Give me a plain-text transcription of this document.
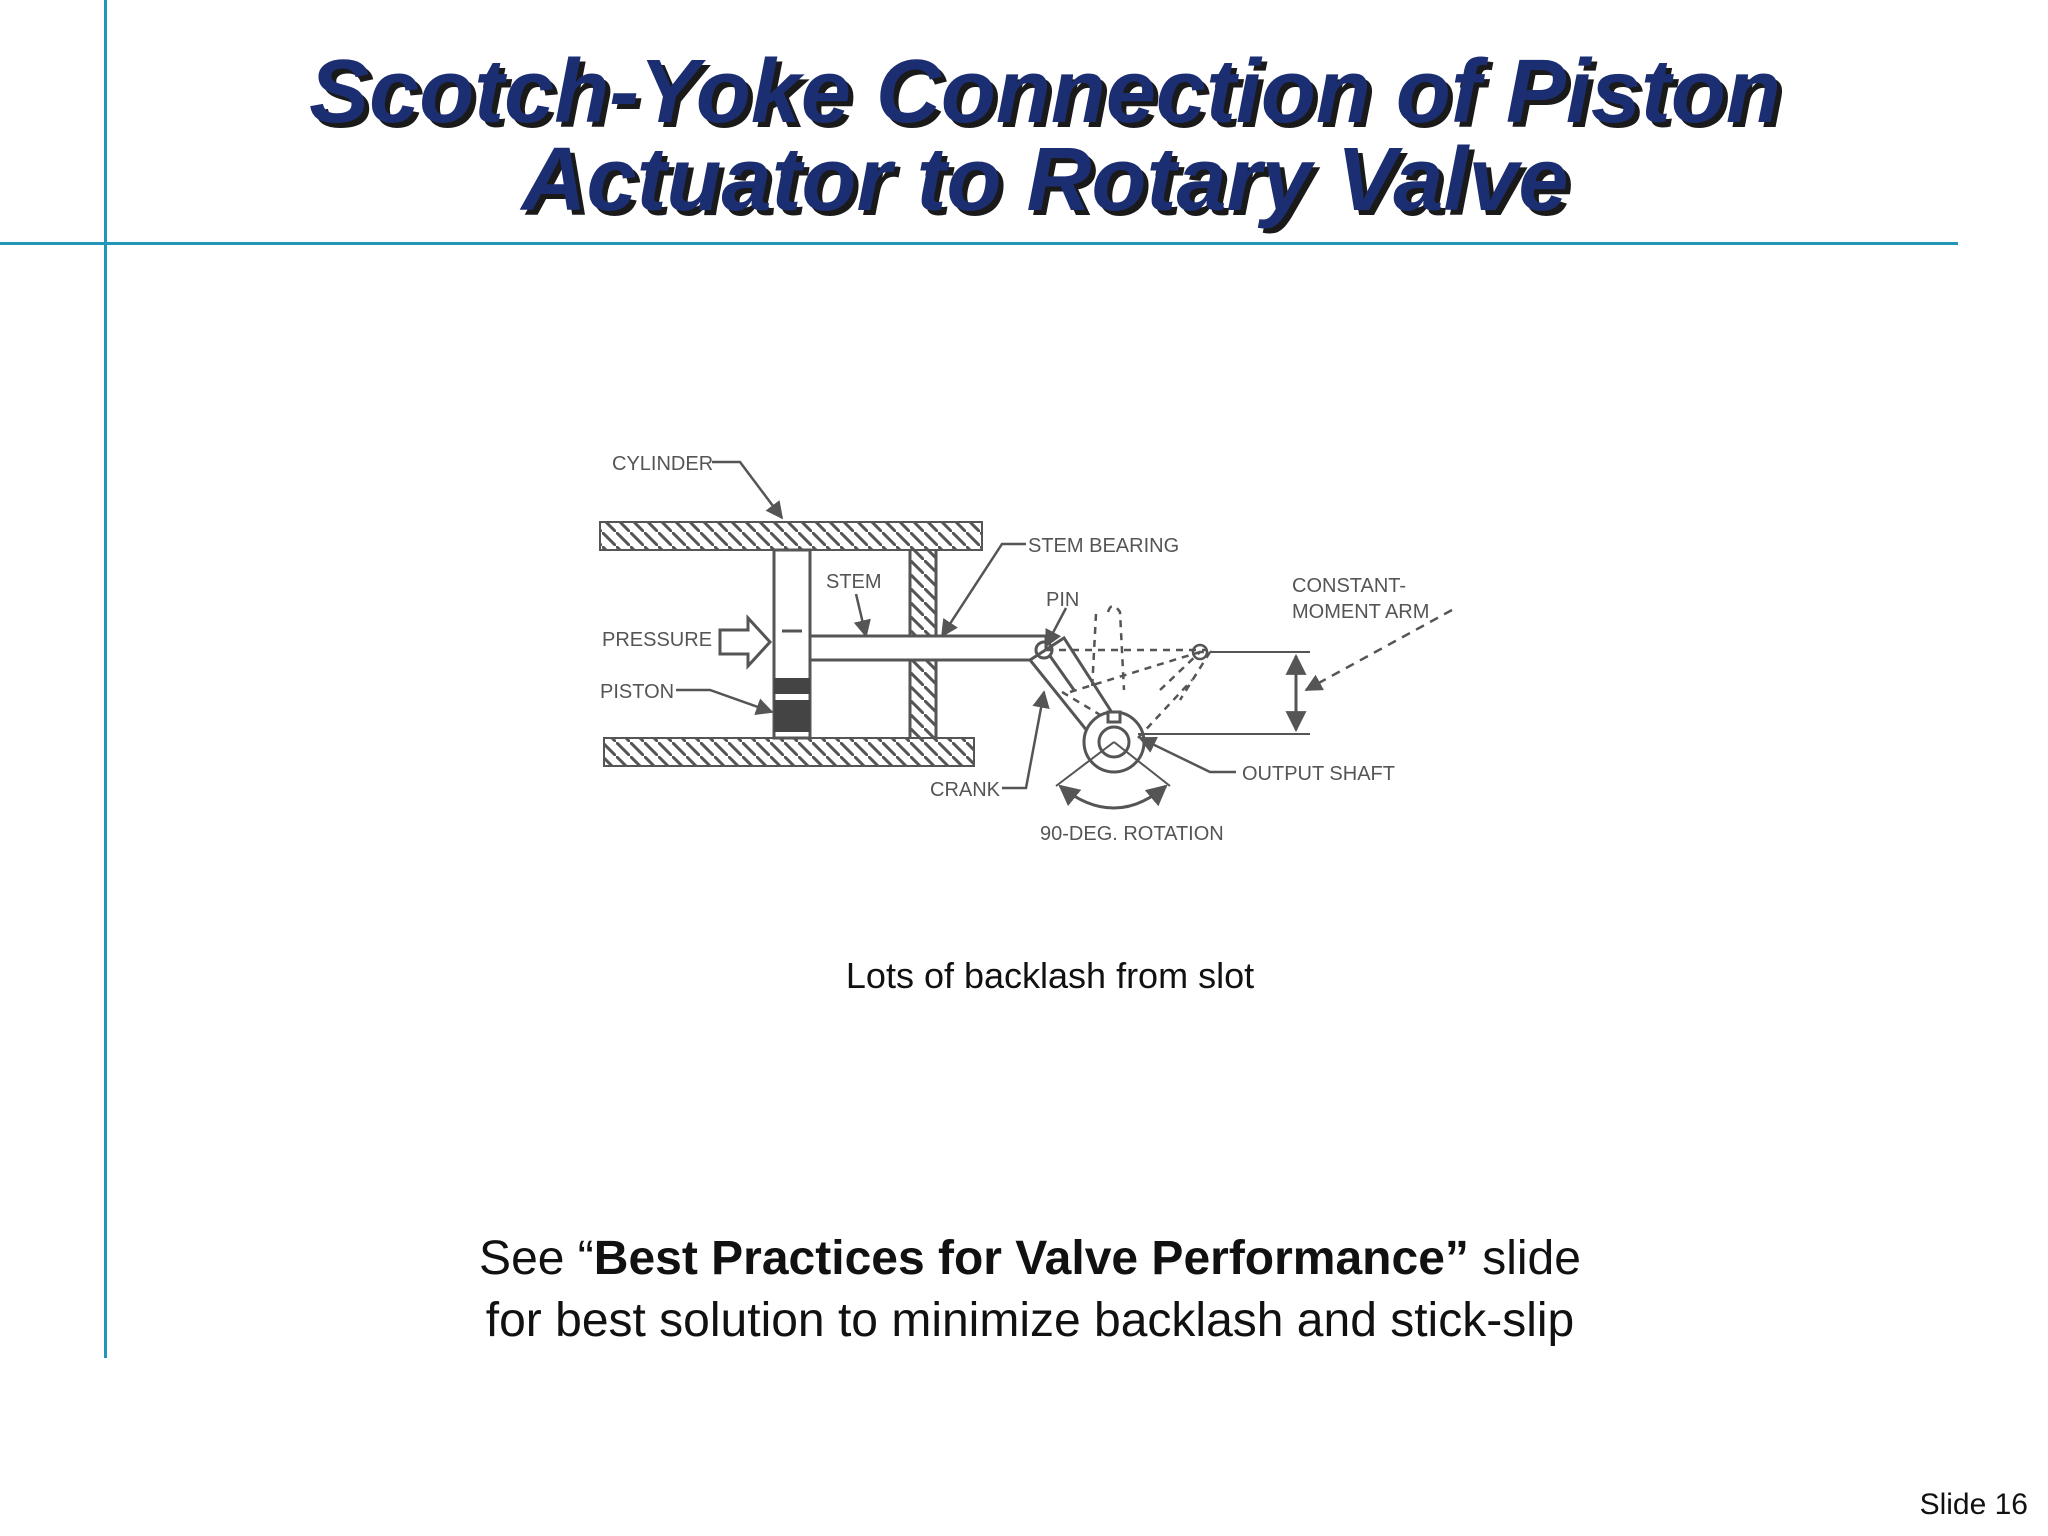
Scotch-Yoke Connection of Piston
Actuator to Rotary Valve
CYLINDER
STEM BEARING
STEM
PIN
CONSTANT-
MOMENT ARM
PRESSURE
PISTON
CRANK
OUTPUT SHAFT
90-DEG. ROTATION
Lots of backlash from slot
See “Best Practices for Valve Performance” slide
for best solution to minimize backlash and stick-slip
Slide 16
